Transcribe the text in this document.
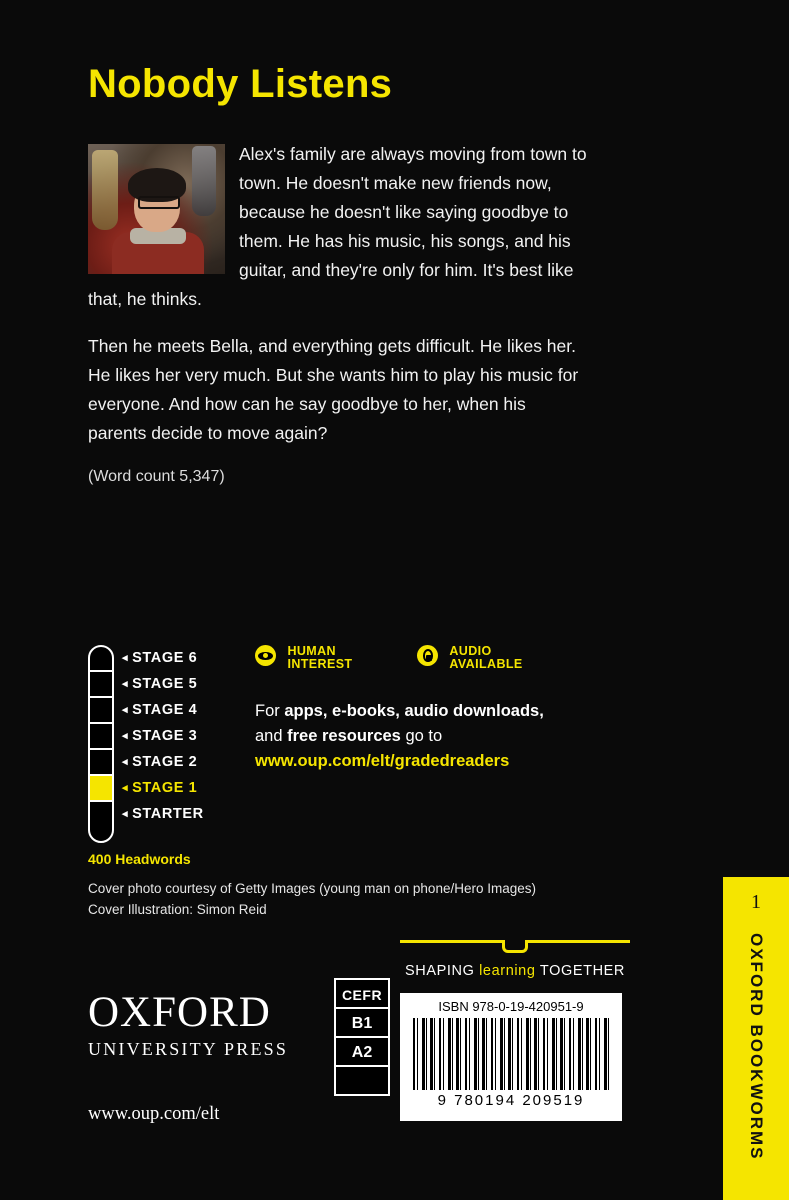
Nobody Listens

Alex's family are always moving from town to town. He doesn't make new friends now, because he doesn't like saying goodbye to them. He has his music, his songs, and his guitar, and they're only for him. It's best like that, he thinks.

Then he meets Bella, and everything gets difficult. He likes her. He likes her very much. But she wants him to play his music for everyone. And how can he say goodbye to her, when his parents decide to move again?

(Word count 5,347)

◂ STAGE 6
◂ STAGE 5
◂ STAGE 4
◂ STAGE 3
◂ STAGE 2
◂ STAGE 1
◂ STARTER
400 Headwords
HUMAN
INTEREST
AUDIO
AVAILABLE
For apps, e-books, audio downloads,
and free resources go to
www.oup.com/elt/gradedreaders
Cover photo courtesy of Getty Images (young man on phone/Hero Images)
Cover Illustration: Simon Reid
SHAPING learning TOGETHER
OXFORD
UNIVERSITY PRESS
www.oup.com/elt
CEFR
B1
A2
A1
ISBN 978-0-19-420951-9
9 780194 209519
1
OXFORD BOOKWORMS
